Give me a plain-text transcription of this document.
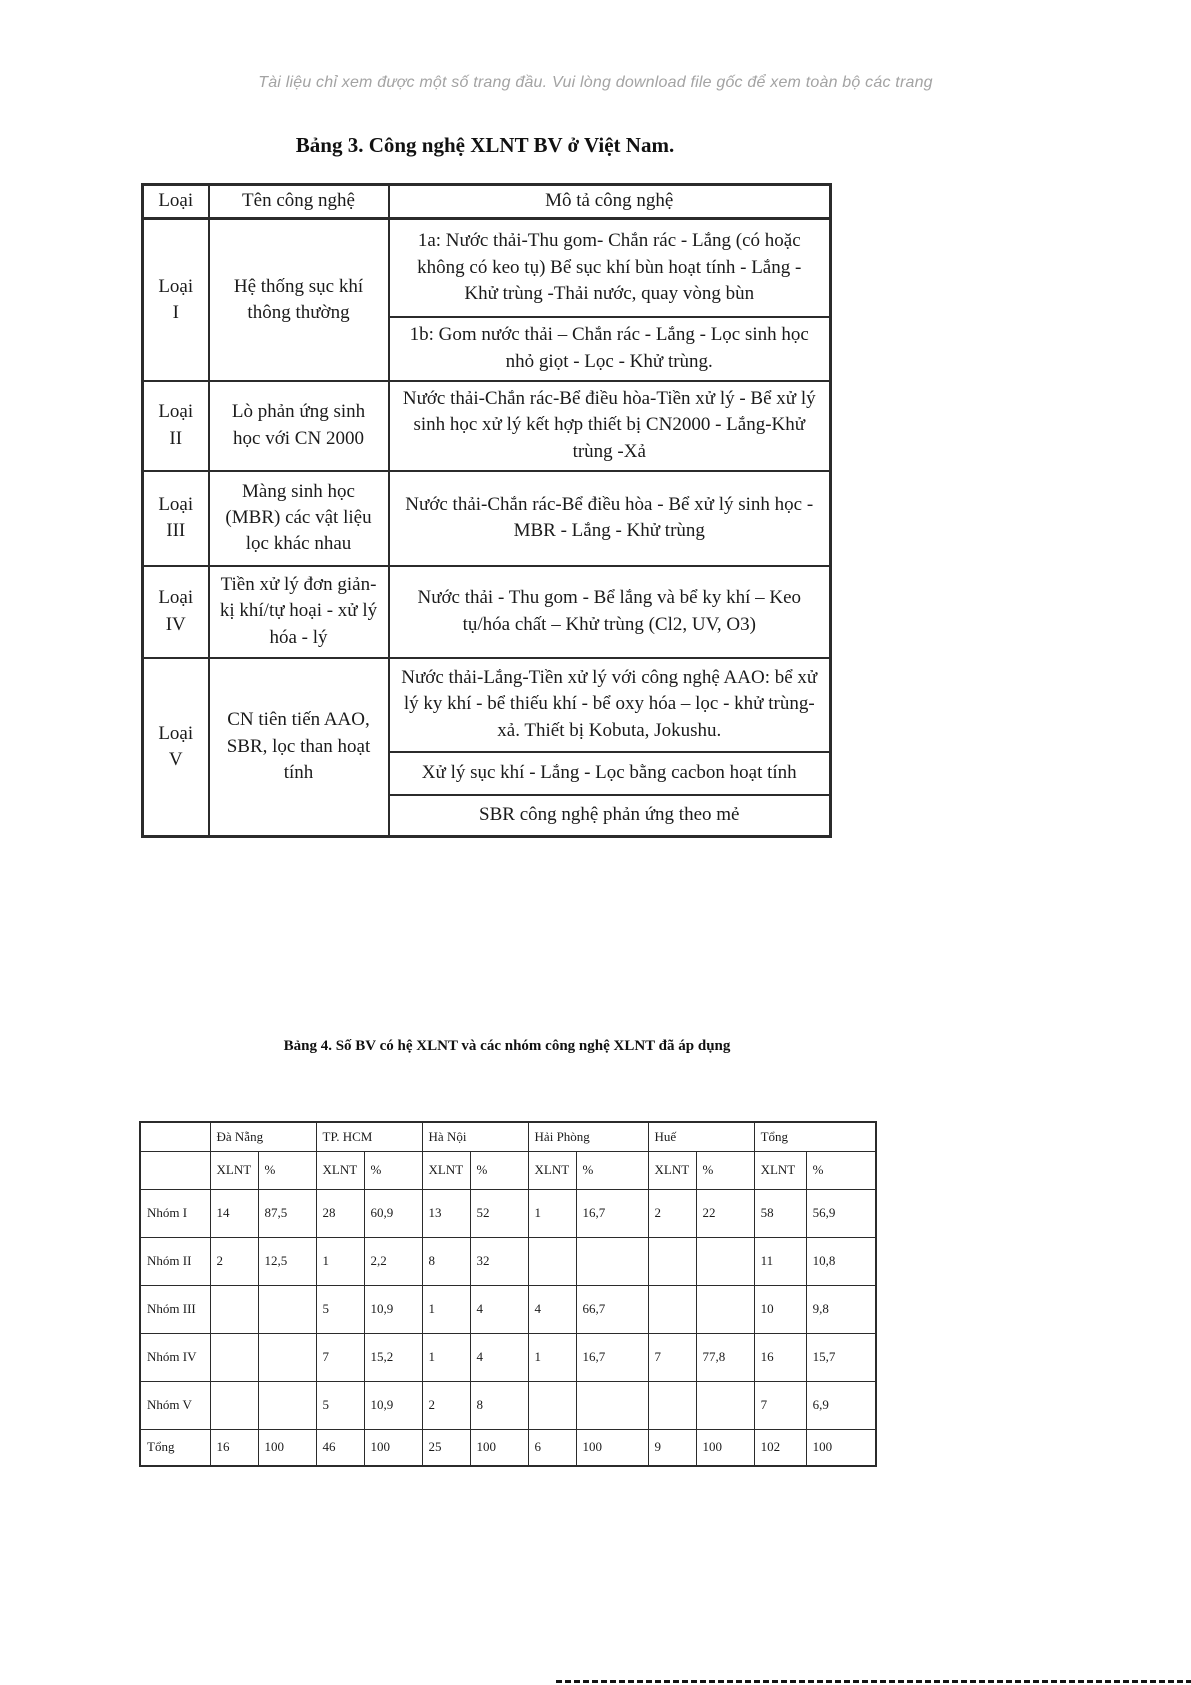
Tài liệu chỉ xem được một số trang đầu. Vui lòng download file gốc để xem toàn bộ các trang
Bảng 3. Công nghệ XLNT BV ở Việt Nam.
Loại	Tên công nghệ	Mô tả công nghệ
Loại I	Hệ thống sục khí thông thường	1a: Nước thải-Thu gom- Chắn rác - Lắng (có hoặc không có keo tụ) Bể sục khí bùn hoạt tính - Lắng - Khử trùng -Thải nước, quay vòng bùn
		1b: Gom nước thải – Chắn rác - Lắng - Lọc sinh học nhỏ giọt - Lọc - Khử trùng.
Loại II	Lò phản ứng sinh học với CN 2000	Nước thải-Chắn rác-Bể điều hòa-Tiền xử lý - Bể xử lý sinh học xử lý kết hợp thiết bị CN2000 - Lắng-Khử trùng -Xả
Loại III	Màng sinh học (MBR) các vật liệu lọc khác nhau	Nước thải-Chắn rác-Bể điều hòa - Bể xử lý sinh học - MBR - Lắng - Khử trùng
Loại IV	Tiền xử lý đơn giản-kị khí/tự hoại - xử lý hóa - lý	Nước thải - Thu gom - Bể lắng và bể ky khí – Keo tụ/hóa chất – Khử trùng (Cl2, UV, O3)
Loại V	CN tiên tiến AAO, SBR, lọc than hoạt tính	Nước thải-Lắng-Tiền xử lý với công nghệ AAO: bể xử lý ky khí - bể thiếu khí - bể oxy hóa – lọc - khử trùng-xả. Thiết bị Kobuta, Jokushu.
		Xử lý sục khí - Lắng - Lọc bằng cacbon hoạt tính
		SBR công nghệ phản ứng theo mẻ
Bảng 4. Số BV có hệ XLNT và các nhóm công nghệ XLNT đã áp dụng
	Đà Nẵng		TP. HCM		Hà Nội		Hải Phòng		Huế		Tổng	
	XLNT	%	XLNT	%	XLNT	%	XLNT	%	XLNT	%	XLNT	%
Nhóm I	14	87,5	28	60,9	13	52	1	16,7	2	22	58	56,9
Nhóm II	2	12,5	1	2,2	8	32					11	10,8
Nhóm III			5	10,9	1	4	4	66,7			10	9,8
Nhóm IV			7	15,2	1	4	1	16,7	7	77,8	16	15,7
Nhóm V			5	10,9	2	8					7	6,9
Tổng	16	100	46	100	25	100	6	100	9	100	102	100
